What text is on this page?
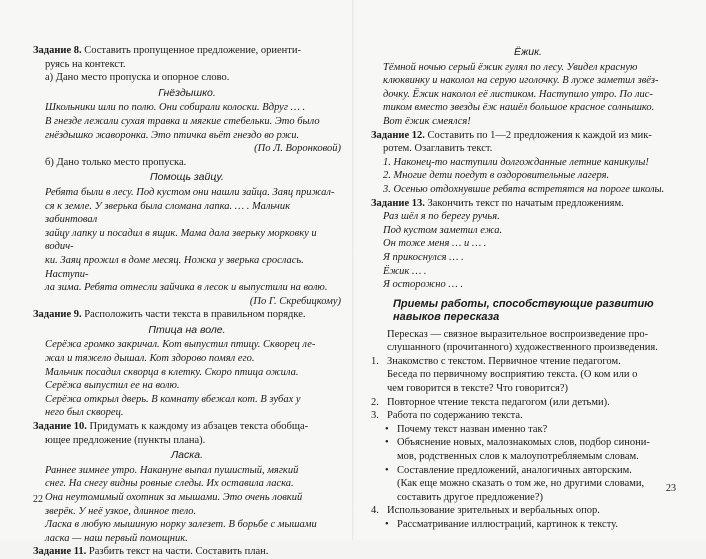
Задание 8. Составить пропущенное предложение, ориенти-

руясь на контекст.

а) Дано место пропуска и опорное слово.

Гнёздышко.

Школьники шли по полю. Они собирали колоски. Вдруг … .

В гнезде лежали сухая травка и мягкие стебельки. Это было

гнёздышко жаворонка. Это птичка вьёт гнездо во ржи.

(По Л. Воронковой)

б) Дано только место пропуска.

Помощь зайцу.

Ребята были в лесу. Под кустом они нашли зайца. Заяц прижал-

ся к земле. У зверька была сломана лапка. … . Мальчик забинтовал

зайцу лапку и посадил в ящик. Мама дала зверьку морковку и водич-

ки. Заяц прожил в доме месяц. Ножка у зверька срослась. Наступи-

ла зима. Ребята отнесли зайчика в лесок и выпустили на волю.

(По Г. Скребицкому)

Задание 9. Расположить части текста в правильном порядке.

Птица на воле.

Серёжа громко закричал. Кот выпустил птицу. Скворец ле-

жал и тяжело дышал. Кот здорово помял его.

Мальчик посадил скворца в клетку. Скоро птица ожила.

Серёжа выпустил ее на волю.

Серёжа открыл дверь. В комнату вбежал кот. В зубах у

него был скворец.

Задание 10. Придумать к каждому из абзацев текста обобща-

ющее предложение (пункты плана).

Ласка.

Раннее зимнее утро. Накануне выпал пушистый, мягкий

снег. На снегу видны ровные следы. Их оставила ласка.

Она неутомимый охотник за мышами. Это очень ловкий

зверёк. У неё узкое, длинное тело.

Ласка в любую мышиную норку залезет. В борьбе с мышами

ласка — наш первый помощник.

Задание 11. Разбить текст на части. Составить план.

22

Ёжик.

Тёмной ночью серый ёжик гулял по лесу. Увидел красную

клюквинку и наколол на серую иголочку. В луже заметил звёз-

дочку. Ёжик наколол её листиком. Наступило утро. По лис-

тиком вместо звезды ёж нашёл большое красное солнышко.

Вот ёжик смеялся!

Задание 12. Составить по 1—2 предложения к каждой из мик-

ротем. Озаглавить текст.

1. Наконец-то наступили долгожданные летние каникулы!

2. Многие дети поедут в оздоровительные лагеря.

3. Осенью отдохнувшие ребята встретятся на пороге школы.

Задание 13. Закончить текст по начатым предложениям.

Раз шёл я по берегу ручья.

Под кустом заметил ежа.

Он тоже меня … и … .

Я прикоснулся … .

Ёжик … .

Я осторожно … .

Приемы работы, способствующие развитию
навыков пересказа

Пересказ — связное выразительное воспроизведение про-

слушанного (прочитанного) художественного произведения.

1. Знакомство с текстом. Первичное чтение педагогом.
Беседа по первичному восприятию текста. (О ком или о
чем говорится в тексте? Что говорится?)
2. Повторное чтение текста педагогом (или детьми).
3. Работа по содержанию текста.
• Почему текст назван именно так?
• Объяснение новых, малознакомых слов, подбор синони-
мов, родственных слов к малоупотребляемым словам.
• Составление предложений, аналогичных авторским.
(Как еще можно сказать о том же, но другими словами,
составить другое предложение?)
4. Использование зрительных и вербальных опор.
• Рассматривание иллюстраций, картинок к тексту.
23
